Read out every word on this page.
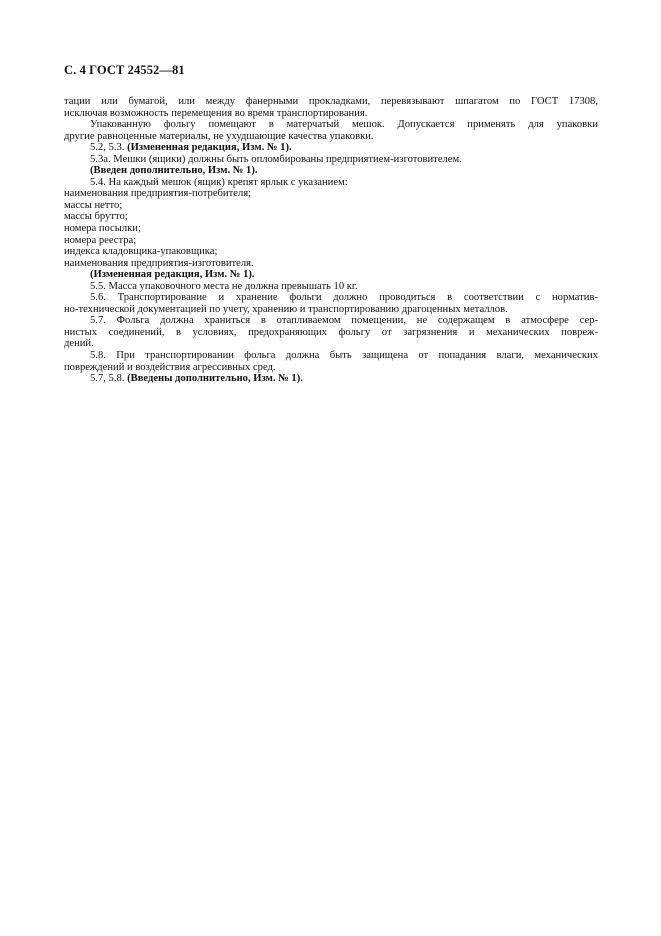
С. 4 ГОСТ 24552—81
тации или бумагой, или между фанерными прокладками, перевязывают шпагатом по ГОСТ 17308,
исключая возможность перемещения во время транспортирования.
Упакованную фольгу помещают в матерчатый мешок. Допускается применять для упаковки
другие равноценные материалы, не ухудшающие качества упаковки.
5.2, 5.3. (Измененная редакция, Изм. № 1).
5.3а. Мешки (ящики) должны быть опломбированы предприятием-изготовителем.
(Введен дополнительно, Изм. № 1).
5.4. На каждый мешок (ящик) крепят ярлык с указанием:
наименования предприятия-потребителя;
массы нетто;
массы брутто;
номера посылки;
номера реестра;
индекса кладовщика-упаковщика;
наименования предприятия-изготовителя.
(Измененная редакция, Изм. № 1).
5.5. Масса упаковочного места не должна превышать 10 кг.
5.6. Транспортирование и хранение фольги должно проводиться в соответствии с норматив-
но-технической документацией по учету, хранению и транспортированию драгоценных металлов.
5.7. Фольга должна храниться в отапливаемом помещении, не содержащем в атмосфере сер-
нистых соединений, в условиях, предохраняющих фольгу от загрязнения и механических повреж-
дений.
5.8. При транспортировании фольга должна быть защищена от попадания влаги, механических
повреждений и воздействия агрессивных сред.
5.7, 5.8. (Введены дополнительно, Изм. № 1).
